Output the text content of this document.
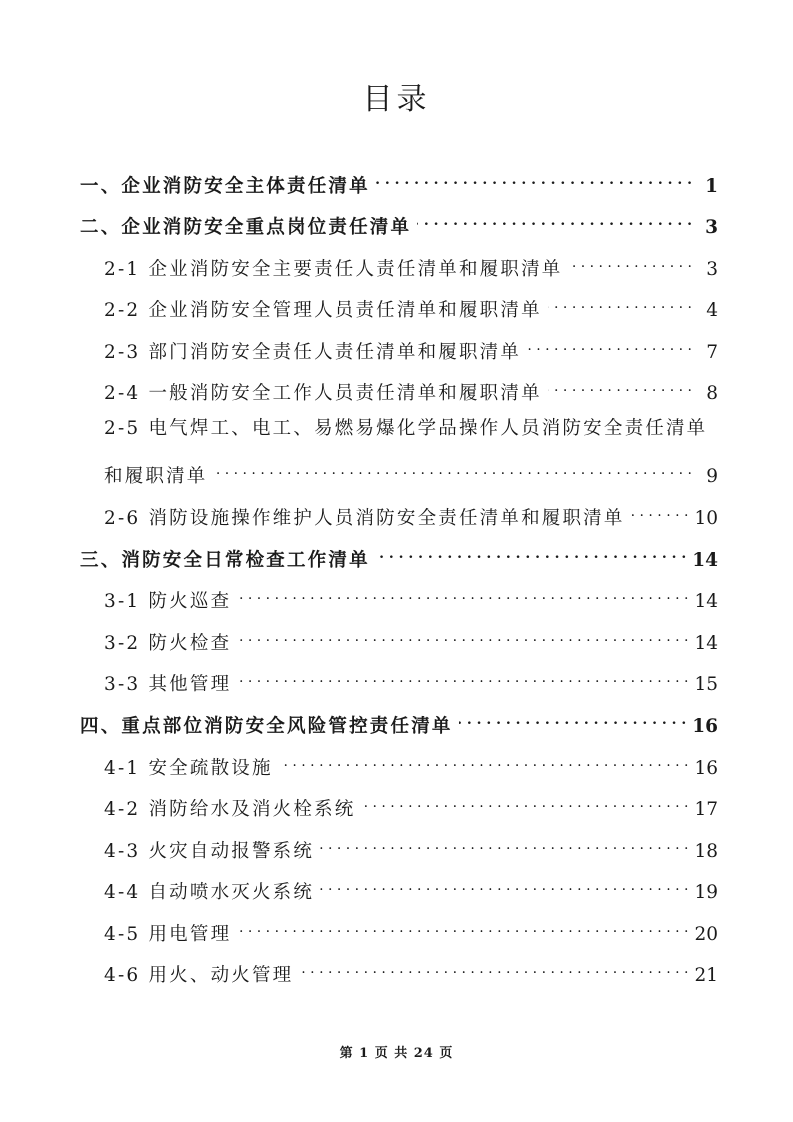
目录
一、企业消防安全主体责任清单 . . .	1
二、企业消防安全重点岗位责任清单 . . .	3
2-1 企业消防安全主要责任人责任清单和履职清单 . . .	3
2-2 企业消防安全管理人员责任清单和履职清单 . . .	4
2-3 部门消防安全责任人责任清单和履职清单 . . .	7
2-4 一般消防安全工作人员责任清单和履职清单 . . .	8
2-5 电气焊工、电工、易燃易爆化学品操作人员消防安全责任清单
和履职清单 . . .	9
2-6 消防设施操作维护人员消防安全责任清单和履职清单 . . .	10
三、消防安全日常检查工作清单 . . .	14
3-1 防火巡查 . . .	14
3-2 防火检查 . . .	14
3-3 其他管理 . . .	15
四、重点部位消防安全风险管控责任清单 . . .	16
4-1 安全疏散设施 . . .	16
4-2 消防给水及消火栓系统 . . .	17
4-3 火灾自动报警系统 . . .	18
4-4 自动喷水灭火系统 . . .	19
4-5 用电管理 . . .	20
4-6 用火、动火管理 . . .	21
第 1 页 共 24 页
